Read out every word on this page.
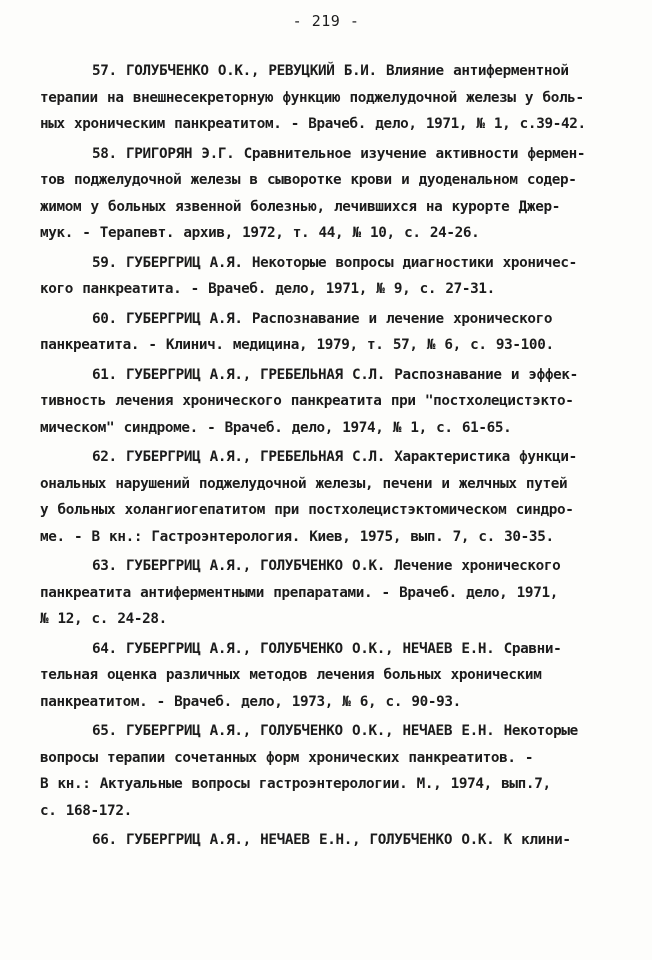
- 219 -
57. ГОЛУБЧЕНКО О.К., РЕВУЦКИЙ Б.И. Влияние антиферментной
терапии на внешнесекреторную функцию поджелудочной железы у боль-
ных хроническим панкреатитом. - Врачеб. дело, 1971, № 1, с.39-42.
58. ГРИГОРЯН Э.Г. Сравнительное изучение активности фермен-
тов поджелудочной железы в сыворотке крови и дуоденальном содер-
жимом у больных язвенной болезнью, лечившихся на курорте Джер-
мук. - Терапевт. архив, 1972, т. 44, № 10, с. 24-26.
59. ГУБЕРГРИЦ А.Я. Некоторые вопросы диагностики хроничес-
кого панкреатита. - Врачеб. дело, 1971, № 9, с. 27-31.
60. ГУБЕРГРИЦ А.Я. Распознавание и лечение хронического
панкреатита. - Клинич. медицина, 1979, т. 57, № 6, с. 93-100.
61. ГУБЕРГРИЦ А.Я., ГРЕБЕЛЬНАЯ С.Л. Распознавание и эффек-
тивность лечения хронического панкреатита при "постхолецистэкто-
мическом" синдроме. - Врачеб. дело, 1974, № 1, с. 61-65.
62. ГУБЕРГРИЦ А.Я., ГРЕБЕЛЬНАЯ С.Л. Характеристика функци-
ональных нарушений поджелудочной железы, печени и желчных путей
у больных холангиогепатитом при постхолецистэктомическом синдро-
ме. - В кн.: Гастроэнтерология. Киев, 1975, вып. 7, с. 30-35.
63. ГУБЕРГРИЦ А.Я., ГОЛУБЧЕНКО О.К. Лечение хронического
панкреатита антиферментными препаратами. - Врачеб. дело, 1971,
№ 12, с. 24-28.
64. ГУБЕРГРИЦ А.Я., ГОЛУБЧЕНКО О.К., НЕЧАЕВ Е.Н. Сравни-
тельная оценка различных методов лечения больных хроническим
панкреатитом. - Врачеб. дело, 1973, № 6, с. 90-93.
65. ГУБЕРГРИЦ А.Я., ГОЛУБЧЕНКО О.К., НЕЧАЕВ Е.Н. Некоторые
вопросы терапии сочетанных форм хронических панкреатитов. -
В кн.: Актуальные вопросы гастроэнтерологии. М., 1974, вып.7,
с. 168-172.
66. ГУБЕРГРИЦ А.Я., НЕЧАЕВ Е.Н., ГОЛУБЧЕНКО О.К. К клини-
